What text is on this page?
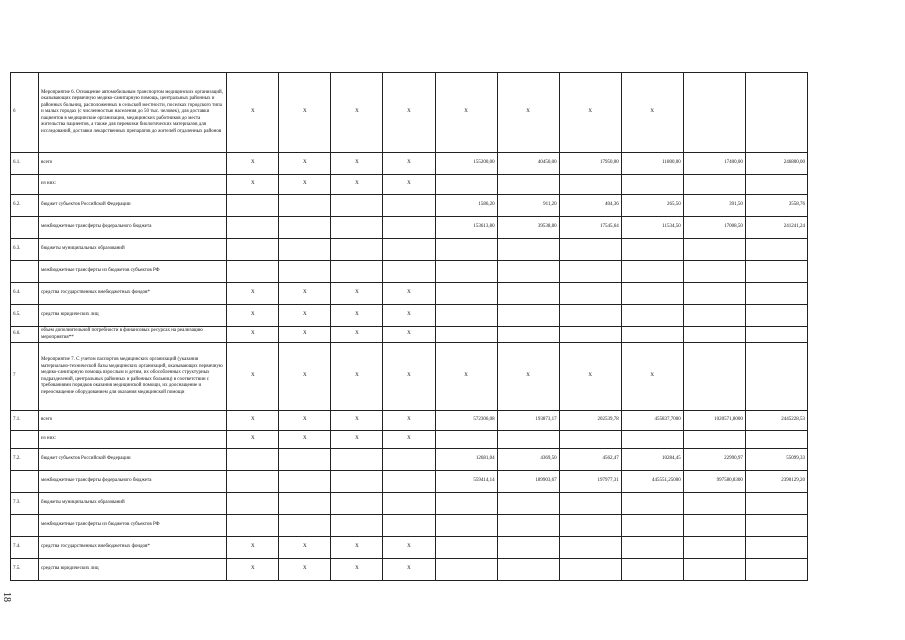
6	Мероприятие 6. Оснащение автомобильным транспортом медицинских организаций, оказывающих первичную медико-санитарную помощь, центральных районных и районных больниц, расположенных в сельской местности, поселках городского типа и малых городах (с численностью населения до 50 тыс. человек), для доставки пациентов в медицинские организации, медицинских работников до места жительства пациентов, а также для перевозки биологических материалов для исследований, доставки лекарственных препаратов до жителей отдаленных районов	Х	Х	Х	Х	Х	Х	Х	Х		
6.1.	всего	Х	Х	Х	Х	155200,00	40450,00	17950,00	11800,00	17400,00	246800,00
	из них:	Х	Х	Х	Х						
6.2.	бюджет субъектов Российской Федерации					1586,20	911,20	404,36	265,50	391,50	3558,76
	межбюджетные трансферты федерального бюджета					153613,80	39538,80	17545,64	11534,50	17008,50	241241,24
6.3.	бюджеты муниципальных образований										
	межбюджетные трансферты из бюджетов субъектов РФ										
6.4.	средства государственных внебюджетных фондов*	Х	Х	Х	Х						
6.5.	средства юридических лиц	Х	Х	Х	Х						
6.6.	объем дополнительной потребности в финансовых ресурсах на реализацию мероприятия**	Х	Х	Х	Х						
7	Мероприятие 7. С учетом паспортов медицинских организаций (указания материально-технической базы медицинских организаций, оказывающих первичную медико-санитарную помощь взрослым и детям, их обособленных структурных подразделений, центральных районных и районных больниц) в соответствии с требованиями порядков оказания медицинской помощи, их дооснащение и переоснащение оборудованием для оказания медицинской помощи	Х	Х	Х	Х	Х	Х	Х	Х		
7.1.	всего	Х	Х	Х	Х	572306,08	193873,17	202539,78	455837,7000	1020571,8000	2445228,53
	из них:	Х	Х	Х	Х						
7.2.	бюджет субъектов Российской Федерации					12681,04	4369,50	4562,47	10284,45	22990,97	55099,33
	межбюджетные трансферты федерального бюджета					559414,14	189903,67	197977,31	445551,25000	997580,8300	2390129,20
7.3.	бюджеты муниципальных образований										
	межбюджетные трансферты из бюджетов субъектов РФ										
7.4.	средства государственных внебюджетных фондов*	Х	Х	Х	Х						
7.5.	средства юридических лиц	Х	Х	Х	Х						
18
